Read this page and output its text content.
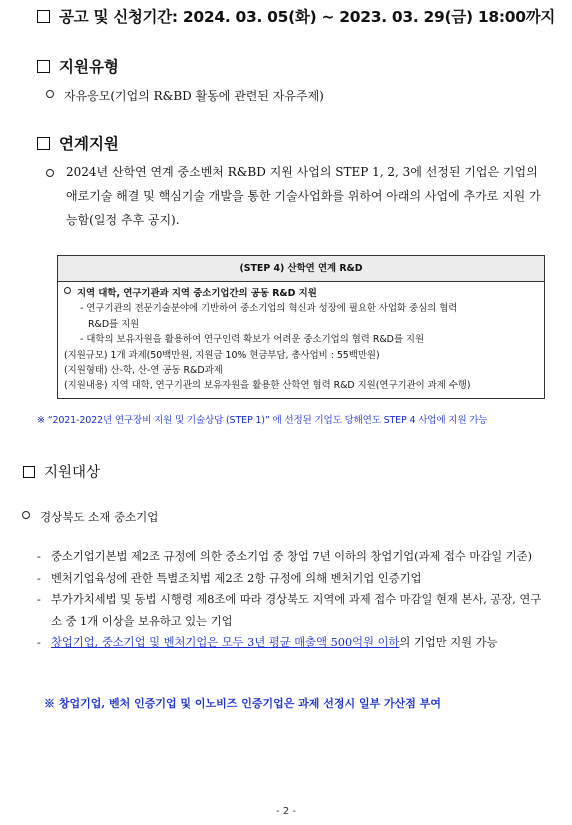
공고 및 신청기간: 2024. 03. 05(화) ~ 2023. 03. 29(금) 18:00까지
지원유형
자유응모(기업의 R&BD 활동에 관련된 자유주제)
연계지원
2024년 산학연 연계 중소벤처 R&BD 지원 사업의 STEP 1, 2, 3에 선정된 기업은 기업의 애로기술 해결 및 핵심기술 개발을 통한 기술사업화를 위하여 아래의 사업에 추가로 지원 가능함(일정 추후 공지).
(STEP 4) 산학연 연계 R&D
지역 대학, 연구기관과 지역 중소기업간의 공동 R&D 지원
- 연구기관의 전문기술분야에 기반하여 중소기업의 혁신과 성장에 필요한 사업화 중심의 협력
R&D를 지원
- 대학의 보유자원을 활용하여 연구인력 확보가 어려운 중소기업의 협력 R&D를 지원
(지원규모) 1개 과제(50백만원, 지원금 10% 현금부담, 총사업비 : 55백만원)
(지원형태) 산-학, 산-연 공동 R&D과제
(지원내용) 지역 대학, 연구기관의 보유자원을 활용한 산학연 협력 R&D 지원(연구기관이 과제 수행)
※ “2021-2022년 연구장비 지원 및 기술상담 (STEP 1)” 에 선정된 기업도 당해연도 STEP 4 사업에 지원 가능
지원대상
경상북도 소재 중소기업
- 중소기업기본법 제2조 규정에 의한 중소기업 중 창업 7년 이하의 창업기업(과제 접수 마감일 기준)
- 벤처기업육성에 관한 특별조치법 제2조 2항 규정에 의해 벤처기업 인증기업
- 부가가치세법 및 동법 시행령 제8조에 따라 경상북도 지역에 과제 접수 마감일 현재 본사, 공장, 연구소 중 1개 이상을 보유하고 있는 기업
- 창업기업, 중소기업 및 벤처기업은 모두 3년 평균 매출액 500억원 이하의 기업만 지원 가능
※ 창업기업, 벤처 인증기업 및 이노비즈 인증기업은 과제 선정시 일부 가산점 부여
- 2 -
